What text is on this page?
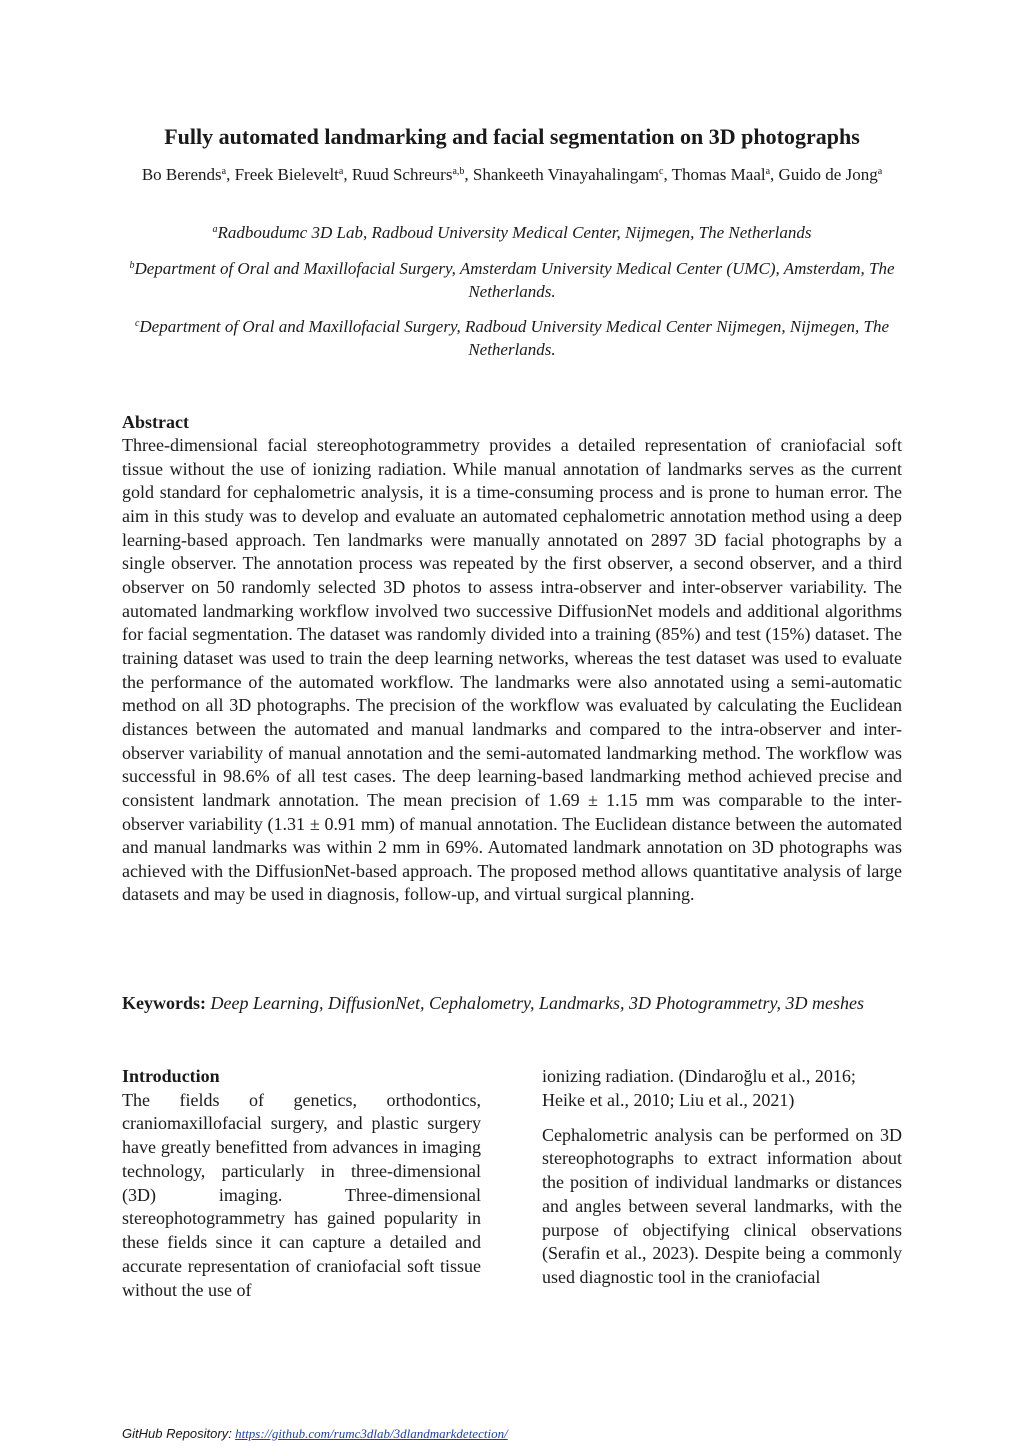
Fully automated landmarking and facial segmentation on 3D photographs
Bo Berends$^a$, Freek Bielevelt$^a$, Ruud Schreurs$^{a,b}$, Shankeeth Vinayahalingam$^c$, Thomas Maal$^a$, Guido de Jong$^a$
$^a$Radboudumc 3D Lab, Radboud University Medical Center, Nijmegen, The Netherlands
$^b$Department of Oral and Maxillofacial Surgery, Amsterdam University Medical Center (UMC), Amsterdam, The Netherlands.
$^c$Department of Oral and Maxillofacial Surgery, Radboud University Medical Center Nijmegen, Nijmegen, The Netherlands.
Abstract

Three-dimensional facial stereophotogrammetry provides a detailed representation of craniofacial soft tissue without the use of ionizing radiation. While manual annotation of landmarks serves as the current gold standard for cephalometric analysis, it is a time-consuming process and is prone to human error. The aim in this study was to develop and evaluate an automated cephalometric annotation method using a deep learning-based approach. Ten landmarks were manually annotated on 2897 3D facial photographs by a single observer. The annotation process was repeated by the first observer, a second observer, and a third observer on 50 randomly selected 3D photos to assess intra-observer and inter-observer variability. The automated landmarking workflow involved two successive DiffusionNet models and additional algorithms for facial segmentation. The dataset was randomly divided into a training (85%) and test (15%) dataset. The training dataset was used to train the deep learning networks, whereas the test dataset was used to evaluate the performance of the automated workflow. The landmarks were also annotated using a semi-automatic method on all 3D photographs. The precision of the workflow was evaluated by calculating the Euclidean distances between the automated and manual landmarks and compared to the intra-observer and inter-observer variability of manual annotation and the semi-automated landmarking method. The workflow was successful in 98.6% of all test cases. The deep learning-based landmarking method achieved precise and consistent landmark annotation. The mean precision of 1.69 ± 1.15 mm was comparable to the inter-observer variability (1.31 ± 0.91 mm) of manual annotation. The Euclidean distance between the automated and manual landmarks was within 2 mm in 69%. Automated landmark annotation on 3D photographs was achieved with the DiffusionNet-based approach. The proposed method allows quantitative analysis of large datasets and may be used in diagnosis, follow-up, and virtual surgical planning.

Keywords: Deep Learning, DiffusionNet, Cephalometry, Landmarks, 3D Photogrammetry, 3D meshes

Introduction

The fields of genetics, orthodontics, craniomaxillofacial surgery, and plastic surgery have greatly benefitted from advances in imaging technology, particularly in three-dimensional (3D) imaging. Three-dimensional stereophotogrammetry has gained popularity in these fields since it can capture a detailed and accurate representation of craniofacial soft tissue without the use of

ionizing radiation. (Dindaroğlu et al., 2016; Heike et al., 2010; Liu et al., 2021)

Cephalometric analysis can be performed on 3D stereophotographs to extract information about the position of individual landmarks or distances and angles between several landmarks, with the purpose of objectifying clinical observations (Serafin et al., 2023). Despite being a commonly used diagnostic tool in the craniofacial

GitHub Repository: https://github.com/rumc3dlab/3dlandmarkdetection/
